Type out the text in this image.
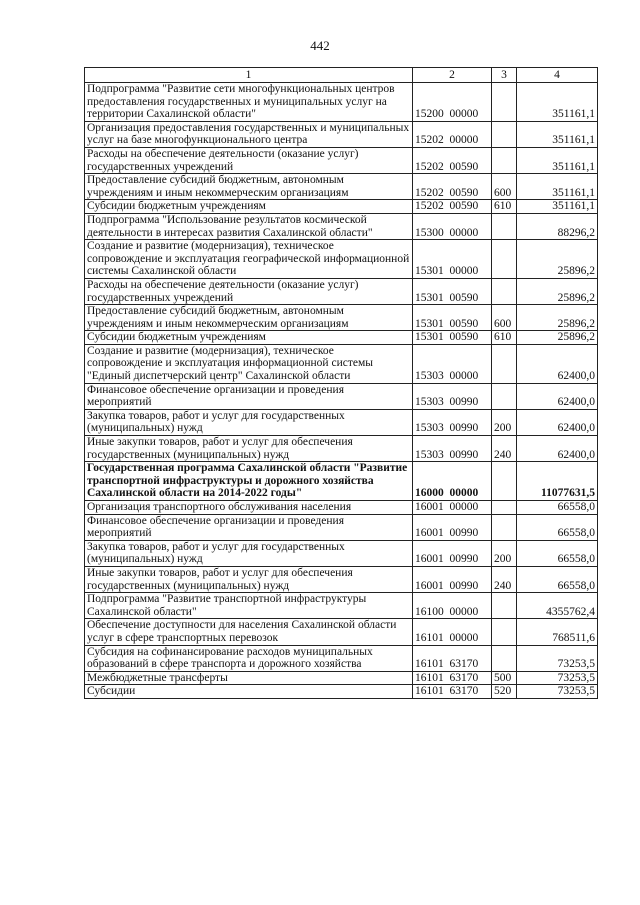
442
1	2	3	4
Подпрограмма "Развитие сети многофункциональных центров предоставления государственных и муниципальных услуг на территории Сахалинской области"	15200  00000		351161,1
Организация предоставления государственных и муниципальных услуг на базе многофункционального центра	15202  00000		351161,1
Расходы на обеспечение деятельности (оказание услуг) государственных учреждений	15202  00590		351161,1
Предоставление субсидий бюджетным, автономным учреждениям и иным некоммерческим организациям	15202  00590	600	351161,1
Субсидии бюджетным учреждениям	15202  00590	610	351161,1
Подпрограмма "Использование результатов космической деятельности в интересах развития Сахалинской области"	15300  00000		88296,2
Создание и развитие (модернизация), техническое сопровождение и эксплуатация географической информационной системы Сахалинской области	15301  00000		25896,2
Расходы на обеспечение деятельности (оказание услуг) государственных учреждений	15301  00590		25896,2
Предоставление субсидий бюджетным, автономным учреждениям и иным некоммерческим организациям	15301  00590	600	25896,2
Субсидии бюджетным учреждениям	15301  00590	610	25896,2
Создание и развитие (модернизация), техническое сопровождение и эксплуатация информационной системы "Единый диспетчерский центр" Сахалинской области	15303  00000		62400,0
Финансовое обеспечение организации и проведения мероприятий	15303  00990		62400,0
Закупка товаров, работ и услуг для государственных (муниципальных) нужд	15303  00990	200	62400,0
Иные закупки товаров, работ и услуг для обеспечения государственных (муниципальных) нужд	15303  00990	240	62400,0
Государственная программа Сахалинской области "Развитие транспортной инфраструктуры и дорожного хозяйства Сахалинской области на 2014-2022 годы"	16000  00000		11077631,5
Организация транспортного обслуживания населения	16001  00000		66558,0
Финансовое обеспечение организации и проведения мероприятий	16001  00990		66558,0
Закупка товаров, работ и услуг для государственных (муниципальных) нужд	16001  00990	200	66558,0
Иные закупки товаров, работ и услуг для обеспечения государственных (муниципальных) нужд	16001  00990	240	66558,0
Подпрограмма "Развитие транспортной инфраструктуры Сахалинской области"	16100  00000		4355762,4
Обеспечение доступности для населения Сахалинской области услуг в сфере транспортных перевозок	16101  00000		768511,6
Субсидия на софинансирование расходов муниципальных образований в сфере транспорта и дорожного хозяйства	16101  63170		73253,5
Межбюджетные трансферты	16101  63170	500	73253,5
Субсидии	16101  63170	520	73253,5
